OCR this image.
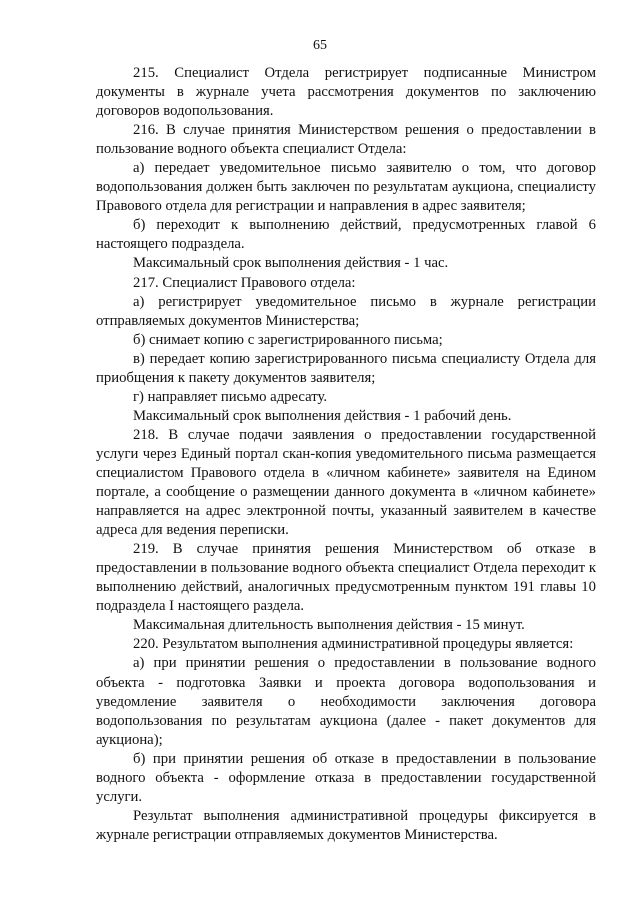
65

215. Специалист Отдела регистрирует подписанные Министром документы в журнале учета рассмотрения документов по заключению договоров водопользования.

216. В случае принятия Министерством решения о предоставлении в пользование водного объекта специалист Отдела:

а) передает уведомительное письмо заявителю о том, что договор водопользования должен быть заключен по результатам аукциона, специалисту Правового отдела для регистрации и направления в адрес заявителя;

б) переходит к выполнению действий, предусмотренных главой 6 настоящего подраздела.

Максимальный срок выполнения действия - 1 час.

217. Специалист Правового отдела:

а) регистрирует уведомительное письмо в журнале регистрации отправляемых документов Министерства;

б) снимает копию с зарегистрированного письма;

в) передает копию зарегистрированного письма специалисту Отдела для приобщения к пакету документов заявителя;

г) направляет письмо адресату.

Максимальный срок выполнения действия - 1 рабочий день.

218. В случае подачи заявления о предоставлении государственной услуги через Единый портал скан-копия уведомительного письма размещается специалистом Правового отдела в «личном кабинете» заявителя на Едином портале, а сообщение о размещении данного документа в «личном кабинете» направляется на адрес электронной почты, указанный заявителем в качестве адреса для ведения переписки.

219. В случае принятия решения Министерством об отказе в предоставлении в пользование водного объекта специалист Отдела переходит к выполнению действий, аналогичных предусмотренным пунктом 191 главы 10 подраздела I настоящего раздела.

Максимальная длительность выполнения действия - 15 минут.

220. Результатом выполнения административной процедуры является:

а) при принятии решения о предоставлении в пользование водного объекта - подготовка Заявки и проекта договора водопользования и уведомление заявителя о необходимости заключения договора водопользования по результатам аукциона (далее - пакет документов для аукциона);

б) при принятии решения об отказе в предоставлении в пользование водного объекта - оформление отказа в предоставлении государственной услуги.

Результат выполнения административной процедуры фиксируется в журнале регистрации отправляемых документов Министерства.
